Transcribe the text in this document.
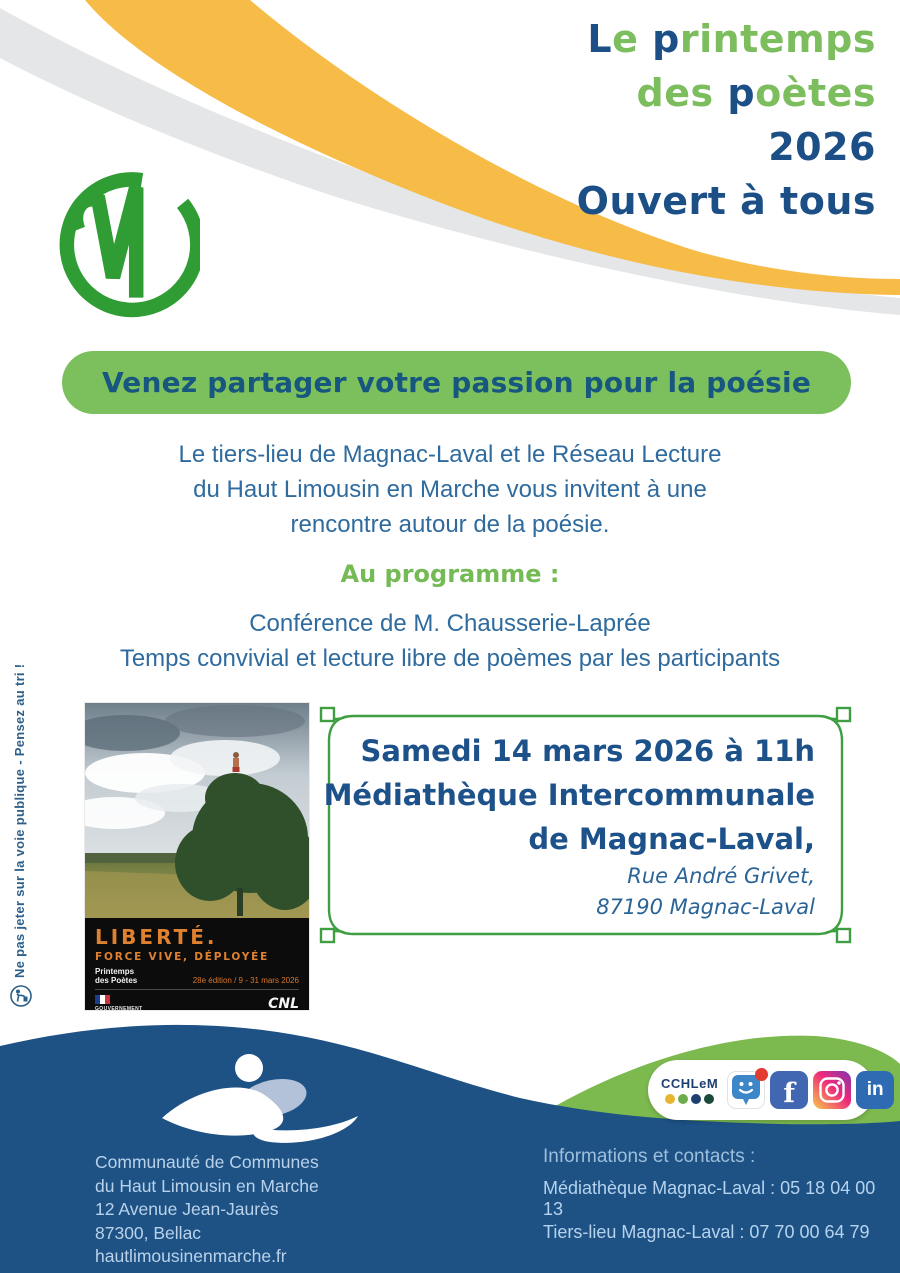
Le printemps
des poètes
2026
Ouvert à tous
Venez partager votre passion pour la poésie
Le tiers-lieu de Magnac-Laval et le Réseau Lecture
du Haut Limousin en Marche vous invitent à une
rencontre autour de la poésie.
Au programme :
Conférence de M. Chausserie-Laprée
Temps convivial et lecture libre de poèmes par les participants
Ne pas jeter sur la voie publique - Pensez au tri !	LIBERTÉ.
FORCE VIVE, DÉPLOYÉE
Printemps
des Poètes	28e édition / 9 - 31 mars 2026
GOUVERNEMENT	CNL
Samedi 14 mars 2026 à 11h
Médiathèque Intercommunale
de Magnac-Laval,
Rue André Grivet,
87190 Magnac-Laval
Communauté de Communes
du Haut Limousin en Marche
12 Avenue Jean-Jaurès
87300, Bellac
hautlimousinenmarche.fr
Informations et contacts :
Médiathèque Magnac-Laval : 05 18 04 00 13
Tiers-lieu Magnac-Laval : 07 70 00 64 79
CCHLeM	f	in
